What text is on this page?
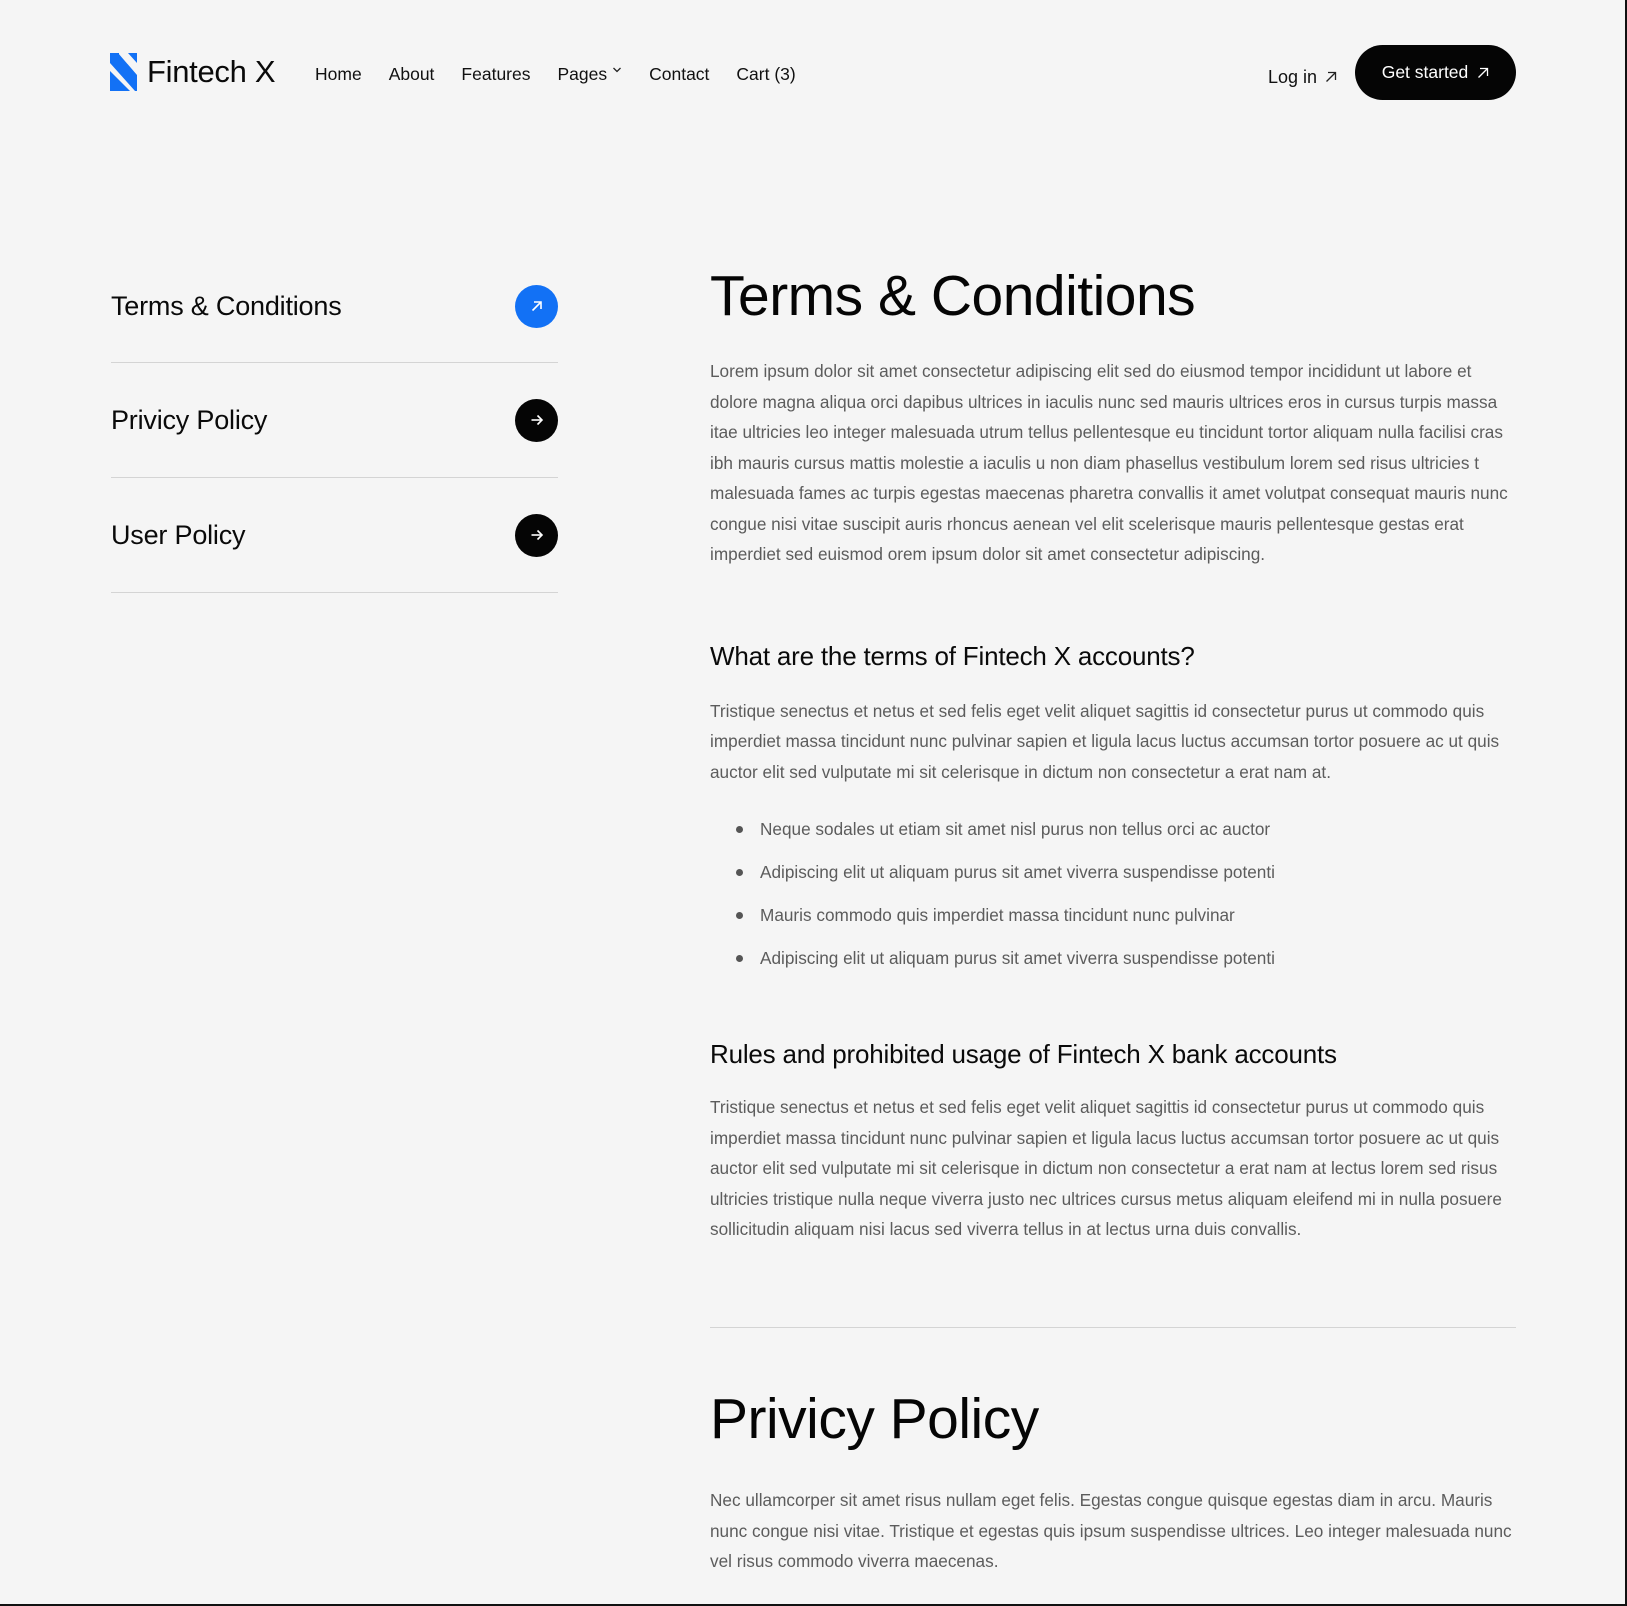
Fintech X Home About Features Pages Contact Cart (3)	Log in	Get started
Terms & Conditions
Privicy Policy
User Policy
Terms & Conditions

Lorem ipsum dolor sit amet consectetur adipiscing elit sed do eiusmod tempor incididunt ut labore et dolore magna aliqua orci dapibus ultrices in iaculis nunc sed mauris ultrices eros in cursus turpis massa itae ultricies leo integer malesuada utrum tellus pellentesque eu tincidunt tortor aliquam nulla facilisi cras ibh mauris cursus mattis molestie a iaculis u non diam phasellus vestibulum lorem sed risus ultricies t malesuada fames ac turpis egestas maecenas pharetra convallis it amet volutpat consequat mauris nunc congue nisi vitae suscipit auris rhoncus aenean vel elit scelerisque mauris pellentesque gestas erat imperdiet sed euismod orem ipsum dolor sit amet consectetur adipiscing.

What are the terms of Fintech X accounts?

Tristique senectus et netus et sed felis eget velit aliquet sagittis id consectetur purus ut commodo quis imperdiet massa tincidunt nunc pulvinar sapien et ligula lacus luctus accumsan tortor posuere ac ut quis auctor elit sed vulputate mi sit celerisque in dictum non consectetur a erat nam at.

Neque sodales ut etiam sit amet nisl purus non tellus orci ac auctor
Adipiscing elit ut aliquam purus sit amet viverra suspendisse potenti
Mauris commodo quis imperdiet massa tincidunt nunc pulvinar
Adipiscing elit ut aliquam purus sit amet viverra suspendisse potenti
Rules and prohibited usage of Fintech X bank accounts

Tristique senectus et netus et sed felis eget velit aliquet sagittis id consectetur purus ut commodo quis imperdiet massa tincidunt nunc pulvinar sapien et ligula lacus luctus accumsan tortor posuere ac ut quis auctor elit sed vulputate mi sit celerisque in dictum non consectetur a erat nam at lectus lorem sed risus ultricies tristique nulla neque viverra justo nec ultrices cursus metus aliquam eleifend mi in nulla posuere sollicitudin aliquam nisi lacus sed viverra tellus in at lectus urna duis convallis.

Privicy Policy

Nec ullamcorper sit amet risus nullam eget felis. Egestas congue quisque egestas diam in arcu. Mauris nunc congue nisi vitae. Tristique et egestas quis ipsum suspendisse ultrices. Leo integer malesuada nunc vel risus commodo viverra maecenas.
